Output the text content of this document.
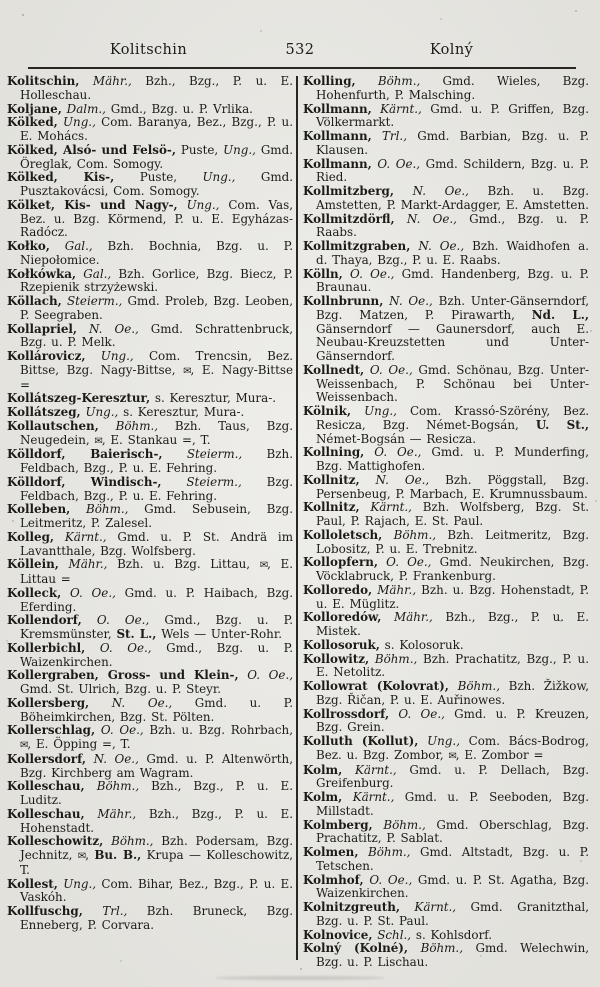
Kolitschin	532	Kolný

Kolitschin, Mähr., Bzh., Bzg., P. u. E. Holleschau.

Koljane, Dalm., Gmd., Bzg. u. P. Vrlika.

Kölked, Ung., Com. Baranya, Bez., Bzg., P. u. E. Mohács.

Kölked, Alsó- und Felsö-, Puste, Ung., Gmd. Öreglak, Com. Somogy.

Kölked, Kis-, Puste, Ung., Gmd. Pusztakovácsi, Com. Somogy.

Kölket, Kis- und Nagy-, Ung., Com. Vas, Bez. u. Bzg. Körmend, P. u. E. Egyházas-Radócz.

Kołko, Gal., Bzh. Bochnia, Bzg. u. P. Niepołomice.

Kołkówka, Gal., Bzh. Gorlice, Bzg. Biecz, P. Rzepienik strzyżewski.

Köllach, Steierm., Gmd. Proleb, Bzg. Leoben, P. Seegraben.

Kollapriel, N. Oe., Gmd. Schrattenbruck, Bzg. u. P. Melk.

Kollárovicz, Ung., Com. Trencsin, Bez. Bittse, Bzg. Nagy-Bittse, ✉, E. Nagy-Bittse =

Kollátszeg-Keresztur, s. Keresztur, Mura-.

Kollátszeg, Ung., s. Keresztur, Mura-.

Kollautschen, Böhm., Bzh. Taus, Bzg. Neugedein, ✉, E. Stankau =, T.

Kölldorf, Baierisch-, Steierm., Bzh. Feldbach, Bzg., P. u. E. Fehring.

Kölldorf, Windisch-, Steierm., Bzg. Feldbach, Bzg., P. u. E. Fehring.

Kolleben, Böhm., Gmd. Sebusein, Bzg. Leitmeritz, P. Zalesel.

Kolleg, Kärnt., Gmd. u. P. St. Andrä im Lavantthale, Bzg. Wolfsberg.

Köllein, Mähr., Bzh. u. Bzg. Littau, ✉, E. Littau =

Kolleck, O. Oe., Gmd. u. P. Haibach, Bzg. Eferding.

Kollendorf, O. Oe., Gmd., Bzg. u. P. Kremsmünster, St. L., Wels — Unter-Rohr.

Kollerbichl, O. Oe., Gmd., Bzg. u. P. Waizenkirchen.

Kollergraben, Gross- und Klein-, O. Oe., Gmd. St. Ulrich, Bzg. u. P. Steyr.

Kollersberg, N. Oe., Gmd. u. P. Böheimkirchen, Bzg. St. Pölten.

Kollerschlag, O. Oe., Bzh. u. Bzg. Rohrbach, ✉, E. Öpping =, T.

Kollersdorf, N. Oe., Gmd. u. P. Altenwörth, Bzg. Kirchberg am Wagram.

Kolleschau, Böhm., Bzh., Bzg., P. u. E. Luditz.

Kolleschau, Mähr., Bzh., Bzg., P. u. E. Hohenstadt.

Kolleschowitz, Böhm., Bzh. Podersam, Bzg. Jechnitz, ✉, Bu. B., Krupa — Kolleschowitz, T.

Kollest, Ung., Com. Bihar, Bez., Bzg., P. u. E. Vaskóh.

Kollfuschg, Trl., Bzh. Bruneck, Bzg. Enneberg, P. Corvara.

Kolling, Böhm., Gmd. Wieles, Bzg. Hohenfurth, P. Malsching.

Kollmann, Kärnt., Gmd. u. P. Griffen, Bzg. Völkermarkt.

Kollmann, Trl., Gmd. Barbian, Bzg. u. P. Klausen.

Kollmann, O. Oe., Gmd. Schildern, Bzg. u. P. Ried.

Kollmitzberg, N. Oe., Bzh. u. Bzg. Amstetten, P. Markt-Ardagger, E. Amstetten.

Kollmitzdörfl, N. Oe., Gmd., Bzg. u. P. Raabs.

Kollmitzgraben, N. Oe., Bzh. Waidhofen a. d. Thaya, Bzg., P. u. E. Raabs.

Kölln, O. Oe., Gmd. Handenberg, Bzg. u. P. Braunau.

Kollnbrunn, N. Oe., Bzh. Unter-Gänserndorf, Bzg. Matzen, P. Pirawarth, Nd. L., Gänserndorf — Gaunersdorf, auch E. Neubau-Kreuzstetten und Unter-Gänserndorf.

Kollnedt, O. Oe., Gmd. Schönau, Bzg. Unter-Weissenbach, P. Schönau bei Unter-Weissenbach.

Kölnik, Ung., Com. Krassó-Szörény, Bez. Resicza, Bzg. Német-Bogsán, U. St., Német-Bogsán — Resicza.

Kollning, O. Oe., Gmd. u. P. Munderfing, Bzg. Mattighofen.

Kollnitz, N. Oe., Bzh. Pöggstall, Bzg. Persenbeug, P. Marbach, E. Krumnussbaum.

Kollnitz, Kärnt., Bzh. Wolfsberg, Bzg. St. Paul, P. Rajach, E. St. Paul.

Kolloletsch, Böhm., Bzh. Leitmeritz, Bzg. Lobositz, P. u. E. Trebnitz.

Kollopfern, O. Oe., Gmd. Neukirchen, Bzg. Vöcklabruck, P. Frankenburg.

Kolloredo, Mähr., Bzh. u. Bzg. Hohenstadt, P. u. E. Müglitz.

Kolloredów, Mähr., Bzh., Bzg., P. u. E. Mistek.

Kollosoruk, s. Kolosoruk.

Kollowitz, Böhm., Bzh. Prachatitz, Bzg., P. u. E. Netolitz.

Kollowrat (Kolovrat), Böhm., Bzh. Žižkow, Bzg. Řičan, P. u. E. Auřinowes.

Kollrossdorf, O. Oe., Gmd. u. P. Kreuzen, Bzg. Grein.

Kolluth (Kollut), Ung., Com. Bács-Bodrog, Bez. u. Bzg. Zombor, ✉, E. Zombor =

Kolm, Kärnt., Gmd. u. P. Dellach, Bzg. Greifenburg.

Kolm, Kärnt., Gmd. u. P. Seeboden, Bzg. Millstadt.

Kolmberg, Böhm., Gmd. Oberschlag, Bzg. Prachatitz, P. Sablat.

Kolmen, Böhm., Gmd. Altstadt, Bzg. u. P. Tetschen.

Kolmhof, O. Oe., Gmd. u. P. St. Agatha, Bzg. Waizenkirchen.

Kolnitzgreuth, Kärnt., Gmd. Granitzthal, Bzg. u. P. St. Paul.

Kolnovice, Schl., s. Kohlsdorf.

Kolný (Kolné), Böhm., Gmd. Welechwin, Bzg. u. P. Lischau.
